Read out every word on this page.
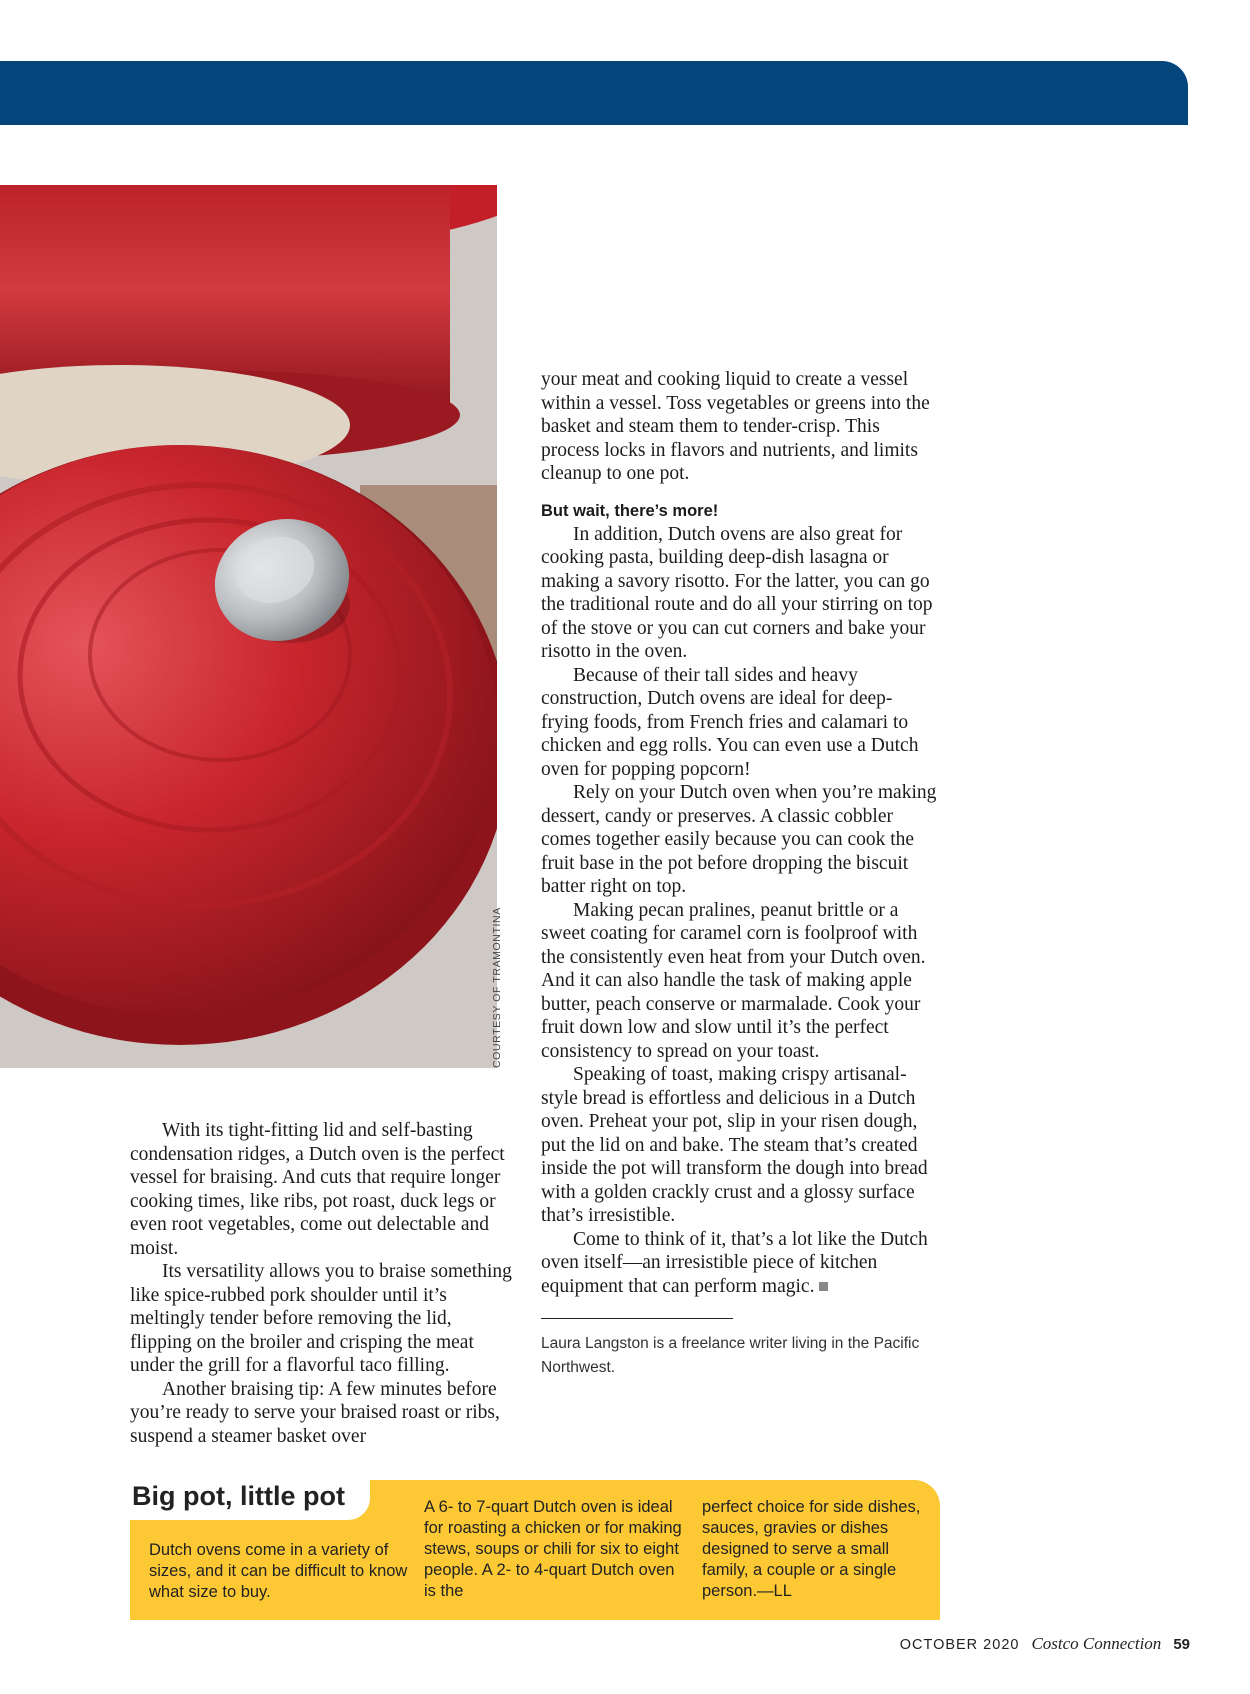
COURTESY OF TRAMONTINA

With its tight-fitting lid and self-basting condensation ridges, a Dutch oven is the perfect vessel for braising. And cuts that require longer cooking times, like ribs, pot roast, duck legs or even root vegetables, come out delectable and moist.

Its versatility allows you to braise something like spice-rubbed pork shoulder until it’s meltingly tender before removing the lid, flipping on the broiler and crisping the meat under the grill for a flavorful taco filling.

Another braising tip: A few minutes before you’re ready to serve your braised roast or ribs, suspend a steamer basket over

your meat and cooking liquid to create a vessel within a vessel. Toss vegetables or greens into the basket and steam them to tender-crisp. This process locks in flavors and nutrients, and limits cleanup to one pot.

But wait, there’s more!

In addition, Dutch ovens are also great for cooking pasta, building deep-dish lasagna or making a savory risotto. For the latter, you can go the traditional route and do all your stirring on top of the stove or you can cut corners and bake your risotto in the oven.

Because of their tall sides and heavy construction, Dutch ovens are ideal for deep-frying foods, from French fries and calamari to chicken and egg rolls. You can even use a Dutch oven for popping popcorn!

Rely on your Dutch oven when you’re making dessert, candy or preserves. A classic cobbler comes together easily because you can cook the fruit base in the pot before dropping the biscuit batter right on top.

Making pecan pralines, peanut brittle or a sweet coating for caramel corn is foolproof with the consistently even heat from your Dutch oven. And it can also handle the task of making apple butter, peach conserve or marmalade. Cook your fruit down low and slow until it’s the perfect consistency to spread on your toast.

Speaking of toast, making crispy artisanal-style bread is effortless and delicious in a Dutch oven. Preheat your pot, slip in your risen dough, put the lid on and bake. The steam that’s created inside the pot will transform the dough into bread with a golden crackly crust and a glossy surface that’s irresistible.

Come to think of it, that’s a lot like the Dutch oven itself—an irresistible piece of kitchen equipment that can perform magic.

Laura Langston is a freelance writer living in the Pacific Northwest.

Big pot, little pot
Dutch ovens come in a variety of sizes, and it can be difficult to know what size to buy.
A 6- to 7-quart Dutch oven is ideal for roasting a chicken or for making stews, soups or chili for six to eight people. A 2- to 4-quart Dutch oven is the
perfect choice for side dishes, sauces, gravies or dishes designed to serve a small family, a couple or a single person.—LL
OCTOBER 2020 Costco Connection 59
